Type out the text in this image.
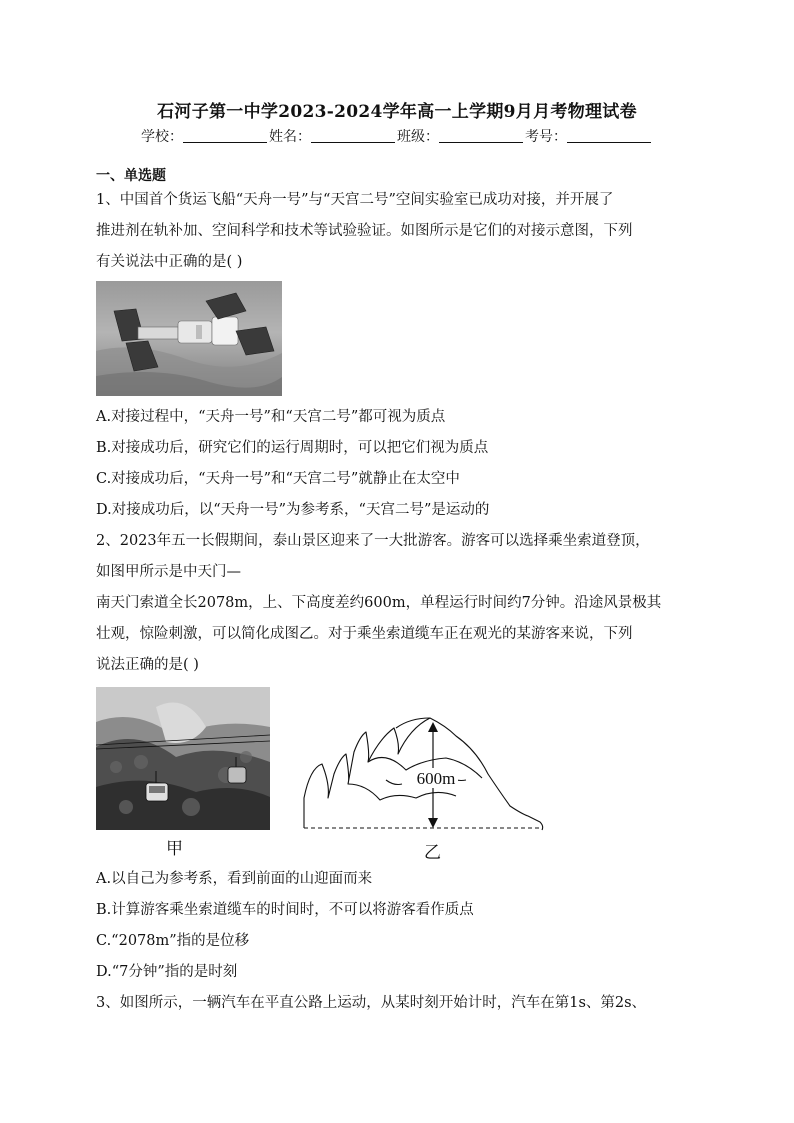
石河子第一中学2023-2024学年高一上学期9月月考物理试卷
学校：	姓名：	班级：	考号：
一、单选题
1、中国首个货运飞船“天舟一号”与“天宫二号”空间实验室已成功对接，并开展了
推进剂在轨补加、空间科学和技术等试验验证。如图所示是它们的对接示意图，下列
有关说法中正确的是( )
A.对接过程中，“天舟一号”和“天宫二号”都可视为质点
B.对接成功后，研究它们的运行周期时，可以把它们视为质点
C.对接成功后，“天舟一号”和“天宫二号”就静止在太空中
D.对接成功后，以“天舟一号”为参考系，“天宫二号”是运动的
2、2023年五一长假期间，泰山景区迎来了一大批游客。游客可以选择乘坐索道登顶，
如图甲所示是中天门—
南天门索道全长2078m，上、下高度差约600m，单程运行时间约7分钟。沿途风景极其
壮观，惊险刺激，可以简化成图乙。对于乘坐索道缆车正在观光的某游客来说，下列
说法正确的是( )
甲
600m
乙
A.以自己为参考系，看到前面的山迎面而来
B.计算游客乘坐索道缆车的时间时，不可以将游客看作质点
C.“2078m”指的是位移
D.“7分钟”指的是时刻
3、如图所示，一辆汽车在平直公路上运动，从某时刻开始计时，汽车在第1s、第2s、
